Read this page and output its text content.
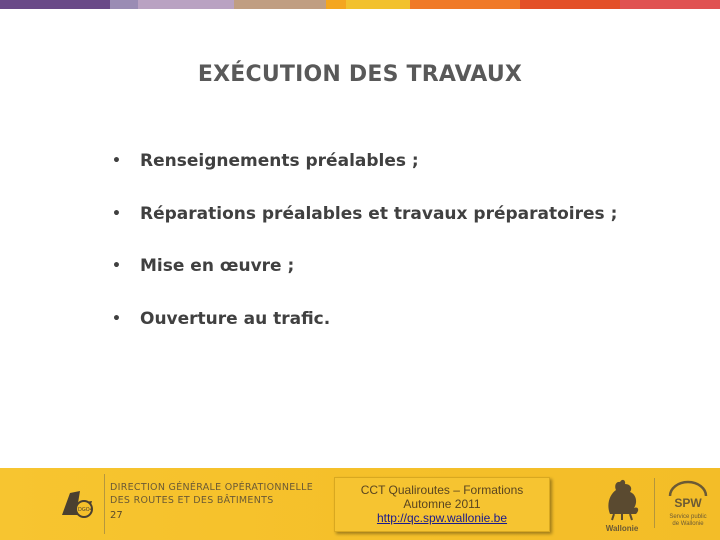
EXÉCUTION DES TRAVAUX
• Renseignements préalables ;
• Réparations préalables et travaux préparatoires ;
• Mise en œuvre ;
• Ouverture au trafic.
DGO4
DIRECTION GÉNÉRALE OPÉRATIONNELLE
DES ROUTES ET DES BÂTIMENTS
27
CCT Qualiroutes – Formations
Automne 2011
http://qc.spw.wallonie.be
Wallonie
SPW
Service public
de Wallonie
